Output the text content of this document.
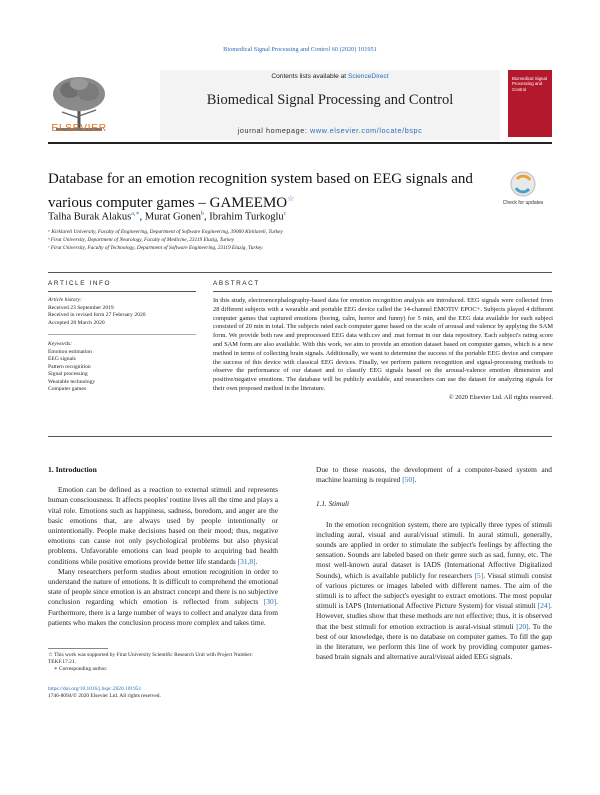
Biomedical Signal Processing and Control 60 (2020) 101951
Contents lists available at ScienceDirect
Biomedical Signal Processing and Control
journal homepage: www.elsevier.com/locate/bspc
ELSEVIER
Biomedical Signal Processing and Control
Database for an emotion recognition system based on EEG signals and various computer games – GAMEEMO☆	Check for updates
Talha Burak Alakus$^{a,∗}$, Murat Gonen$^b$, Ibrahim Turkoglu$^c$
ᵃ Kirklareli University, Faculty of Engineering, Department of Software Engineering, 39060 Kirklareli, Turkey
ᵇ Firat University, Department of Neurology, Faculty of Medicine, 23119 Elazig, Turkey
ᶜ Firat University, Faculty of Technology, Department of Software Engineering, 23119 Elazig, Turkey
ARTICLE INFO	ABSTRACT
Article history:
Received 23 September 2019
Received in revised form 27 February 2020
Accepted 28 March 2020
Keywords:
Emotion estimation
EEG signals
Pattern recognition
Signal processing
Wearable technology
Computer games
In this study, electroencephalography-based data for emotion recognition analysis are introduced. EEG signals were collected from 28 different subjects with a wearable and portable EEG device called the 14-channel EMOTIV EPOC+. Subjects played 4 different computer games that captured emotions (boring, calm, horror and funny) for 5 min, and the EEG data available for each subject consisted of 20 min in total. The subjects rated each computer game based on the scale of arousal and valence by applying the SAM form. We provide both raw and preprocessed EEG data with.csv and .mat format in our data repository. Each subject's rating score and SAM form are also available. With this work, we aim to provide an emotion dataset based on computer games, which is a new method in terms of collecting brain signals. Additionally, we want to determine the success of the portable EEG device and compare the success of this device with classical EEG devices. Finally, we perform pattern recognition and signal-processing methods to observe the performance of our dataset and to classify EEG signals based on the arousal-valence emotion dimension and positive/negative emotions. The database will be publicly available, and researchers can use the dataset for analyzing signals for their own proposed method in the literature.
© 2020 Elsevier Ltd. All rights reserved.
1. Introduction

Emotion can be defined as a reaction to external stimuli and represents human consciousness. It affects peoples' routine lives all the time and plays a vital role. Emotions such as happiness, sadness, boredom, and anger are the basic emotions that, are always used by people intentionally or unintentionally. People make decisions based on their mood; thus, negative emotions can cause not only psychological problems but also physical problems. Unfavorable emotions can lead people to acquiring bad health conditions while positive emotions provide better life standards [31,8].

Many researchers perform studies about emotion recognition in order to understand the nature of emotions. It is difficult to comprehend the emotional state of people since emotion is an abstract concept and there is no subjective conclusion regarding which emotion is reflected from subjects [30]. Furthermore, there is a large number of ways to collect and analyze data from patients who makes the conclusion process more complex and takes time.

☆ This work was supported by Firat University Scientific Research Unit with Project Number: TEKF.17.21.
∗ Corresponding author.
https://doi.org/10.1016/j.bspc.2020.101951
1746-8094/© 2020 Elsevier Ltd. All rights reserved.

Due to these reasons, the development of a computer-based system and machine learning is required [50].

1.1. Stimuli

In the emotion recognition system, there are typically three types of stimuli including aural, visual and aural/visual stimuli. In aural stimuli, generally, sounds are applied in order to stimulate the subject's feelings by affecting the sensation. Sounds are labeled based on their genre such as sad, funny, etc. The most well-known aural dataset is IADS (International Affective Digitalized Sounds), which is available publicly for researchers [5]. Visual stimuli consist of various pictures or images labeled with different names. The aim of the stimuli is to affect the subject's eyesight to extract emotions. The most popular stimuli is IAPS (International Affective Picture System) for visual stimuli [24]. However, studies show that these methods are not effective; thus, it is observed that the best stimuli for emotion extraction is aural-visual stimuli [20]. To the best of our knowledge, there is no database on computer games. To fill the gap in the literature, we perform this line of work by providing computer games-based brain signals and alternative aural/visual aided EEG signals.
